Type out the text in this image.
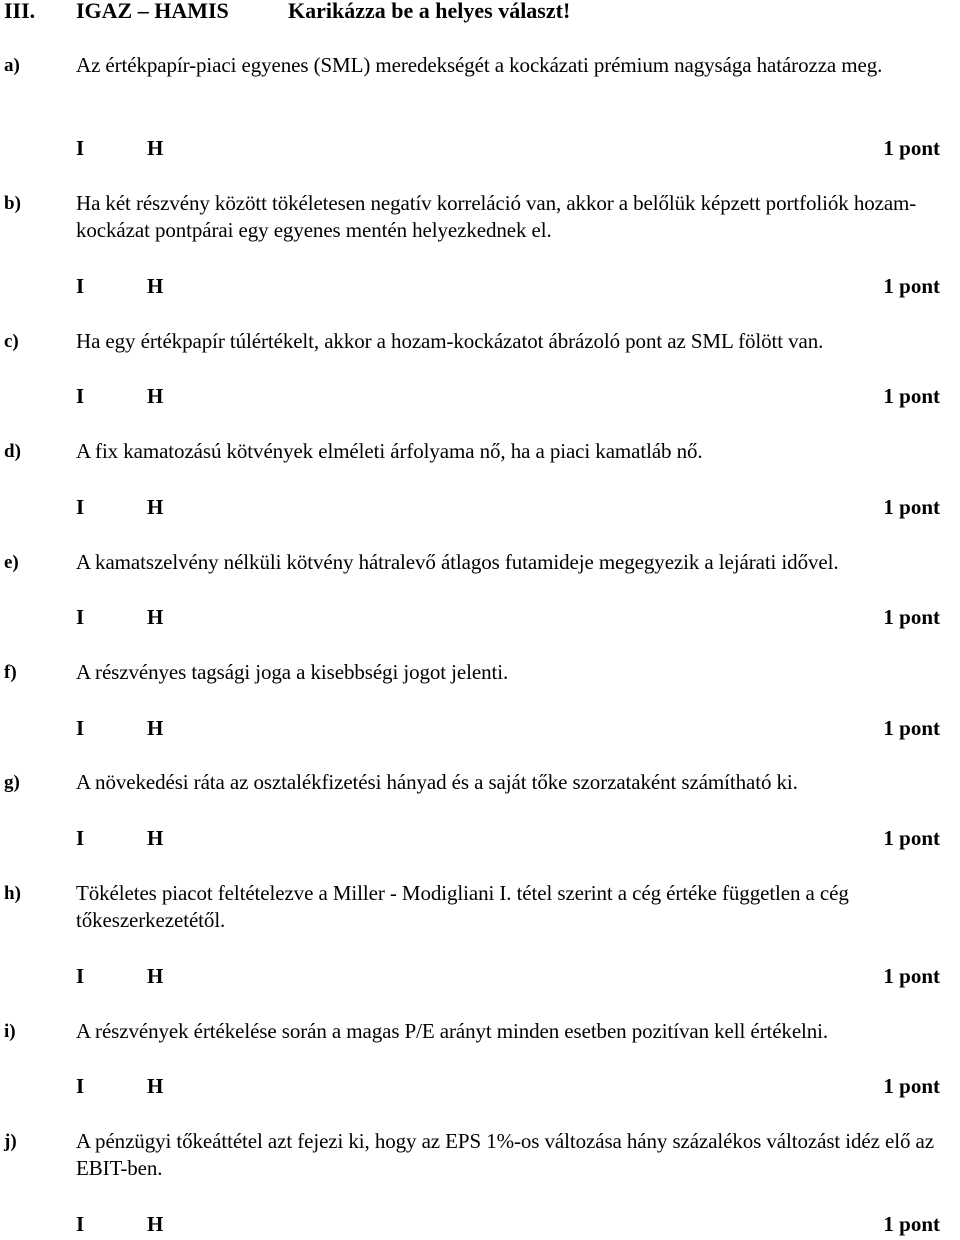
III. IGAZ – HAMIS	Karikázza be a helyes választ!
a)	Az értékpapír-piaci egyenes (SML) meredekségét a kockázati prémium nagysága határozza meg.
I	H	1 pont
b)	Ha két részvény között tökéletesen negatív korreláció van, akkor a belőlük képzett portfoliók hozam-kockázat pontpárai egy egyenes mentén helyezkednek el.
I	H	1 pont
c)	Ha egy értékpapír túlértékelt, akkor a hozam-kockázatot ábrázoló pont az SML fölött van.
I	H	1 pont
d)	A fix kamatozású kötvények elméleti árfolyama nő, ha a piaci kamatláb nő.
I	H	1 pont
e)	A kamatszelvény nélküli kötvény hátralevő átlagos futamideje megegyezik a lejárati idővel.
I	H	1 pont
f)	A részvényes tagsági joga a kisebbségi jogot jelenti.
I	H	1 pont
g)	A növekedési ráta az osztalékfizetési hányad és a saját tőke szorzataként számítható ki.
I	H	1 pont
h)	Tökéletes piacot feltételezve a Miller - Modigliani I. tétel szerint a cég értéke független a cég tőkeszerkezetétől.
I	H	1 pont
i)	A részvények értékelése során a magas P/E arányt minden esetben pozitívan kell értékelni.
I	H	1 pont
j)	A pénzügyi tőkeáttétel azt fejezi ki, hogy az EPS 1%-os változása hány százalékos változást idéz elő az EBIT-ben.
I	H	1 pont
